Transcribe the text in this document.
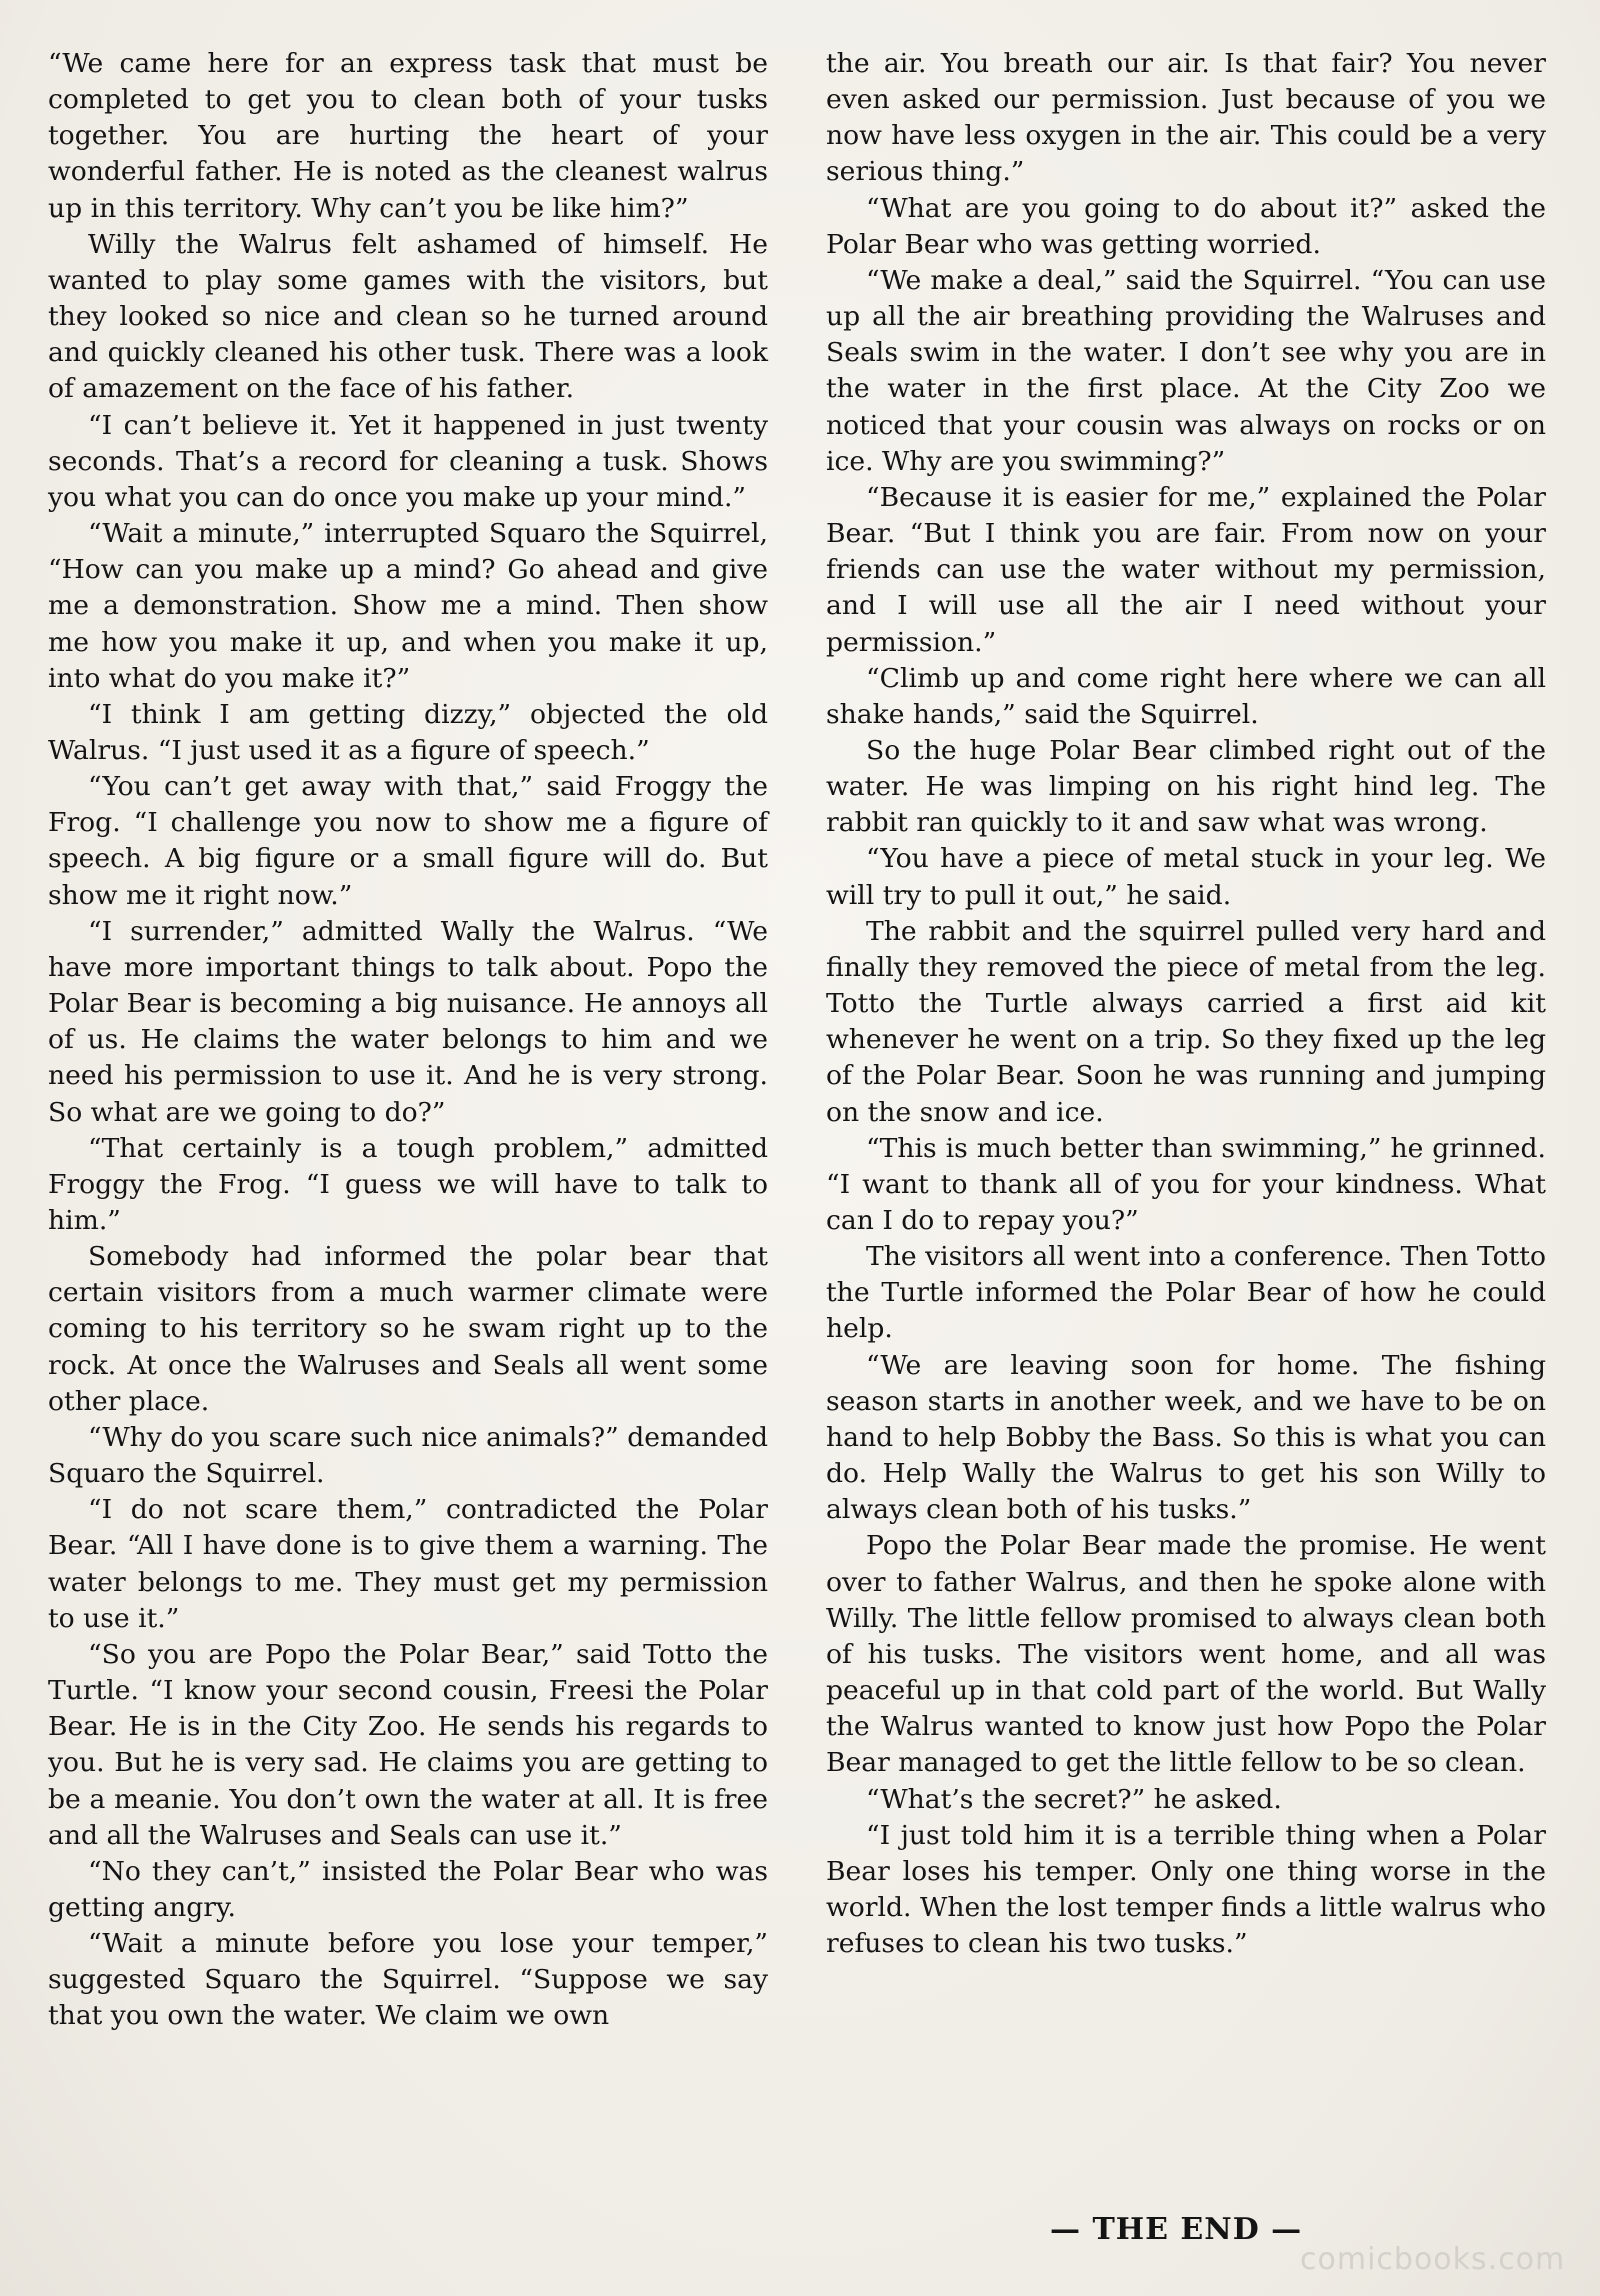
“We came here for an express task that must be completed to get you to clean both of your tusks together. You are hurting the heart of your wonderful father. He is noted as the cleanest walrus up in this territory. Why can’t you be like him?”

Willy the Walrus felt ashamed of himself. He wanted to play some games with the visitors, but they looked so nice and clean so he turned around and quickly cleaned his other tusk. There was a look of amazement on the face of his father.

“I can’t believe it. Yet it happened in just twenty seconds. That’s a record for cleaning a tusk. Shows you what you can do once you make up your mind.”

“Wait a minute,” interrupted Squaro the Squirrel, “How can you make up a mind? Go ahead and give me a demonstration. Show me a mind. Then show me how you make it up, and when you make it up, into what do you make it?”

“I think I am getting dizzy,” objected the old Walrus. “I just used it as a figure of speech.”

“You can’t get away with that,” said Froggy the Frog. “I challenge you now to show me a figure of speech. A big figure or a small figure will do. But show me it right now.”

“I surrender,” admitted Wally the Walrus. “We have more important things to talk about. Popo the Polar Bear is becoming a big nuisance. He annoys all of us. He claims the water belongs to him and we need his permission to use it. And he is very strong. So what are we going to do?”

“That certainly is a tough problem,” admitted Froggy the Frog. “I guess we will have to talk to him.”

Somebody had informed the polar bear that certain visitors from a much warmer climate were coming to his territory so he swam right up to the rock. At once the Walruses and Seals all went some other place.

“Why do you scare such nice animals?” demanded Squaro the Squirrel.

“I do not scare them,” contradicted the Polar Bear. “All I have done is to give them a warning. The water belongs to me. They must get my permission to use it.”

“So you are Popo the Polar Bear,” said Totto the Turtle. “I know your second cousin, Freesi the Polar Bear. He is in the City Zoo. He sends his regards to you. But he is very sad. He claims you are getting to be a meanie. You don’t own the water at all. It is free and all the Walruses and Seals can use it.”

“No they can’t,” insisted the Polar Bear who was getting angry.

“Wait a minute before you lose your temper,” suggested Squaro the Squirrel. “Suppose we say that you own the water. We claim we own

the air. You breath our air. Is that fair? You never even asked our permission. Just because of you we now have less oxygen in the air. This could be a very serious thing.”

“What are you going to do about it?” asked the Polar Bear who was getting worried.

“We make a deal,” said the Squirrel. “You can use up all the air breathing providing the Walruses and Seals swim in the water. I don’t see why you are in the water in the first place. At the City Zoo we noticed that your cousin was always on rocks or on ice. Why are you swimming?”

“Because it is easier for me,” explained the Polar Bear. “But I think you are fair. From now on your friends can use the water without my permission, and I will use all the air I need without your permission.”

“Climb up and come right here where we can all shake hands,” said the Squirrel.

So the huge Polar Bear climbed right out of the water. He was limping on his right hind leg. The rabbit ran quickly to it and saw what was wrong.

“You have a piece of metal stuck in your leg. We will try to pull it out,” he said.

The rabbit and the squirrel pulled very hard and finally they removed the piece of metal from the leg. Totto the Turtle always carried a first aid kit whenever he went on a trip. So they fixed up the leg of the Polar Bear. Soon he was running and jumping on the snow and ice.

“This is much better than swimming,” he grinned. “I want to thank all of you for your kindness. What can I do to repay you?”

The visitors all went into a conference. Then Totto the Turtle informed the Polar Bear of how he could help.

“We are leaving soon for home. The fishing season starts in another week, and we have to be on hand to help Bobby the Bass. So this is what you can do. Help Wally the Walrus to get his son Willy to always clean both of his tusks.”

Popo the Polar Bear made the promise. He went over to father Walrus, and then he spoke alone with Willy. The little fellow promised to always clean both of his tusks. The visitors went home, and all was peaceful up in that cold part of the world. But Wally the Walrus wanted to know just how Popo the Polar Bear managed to get the little fellow to be so clean.

“What’s the secret?” he asked.

“I just told him it is a terrible thing when a Polar Bear loses his temper. Only one thing worse in the world. When the lost temper finds a little walrus who refuses to clean his two tusks.”

— THE END —
comicbooks.com
